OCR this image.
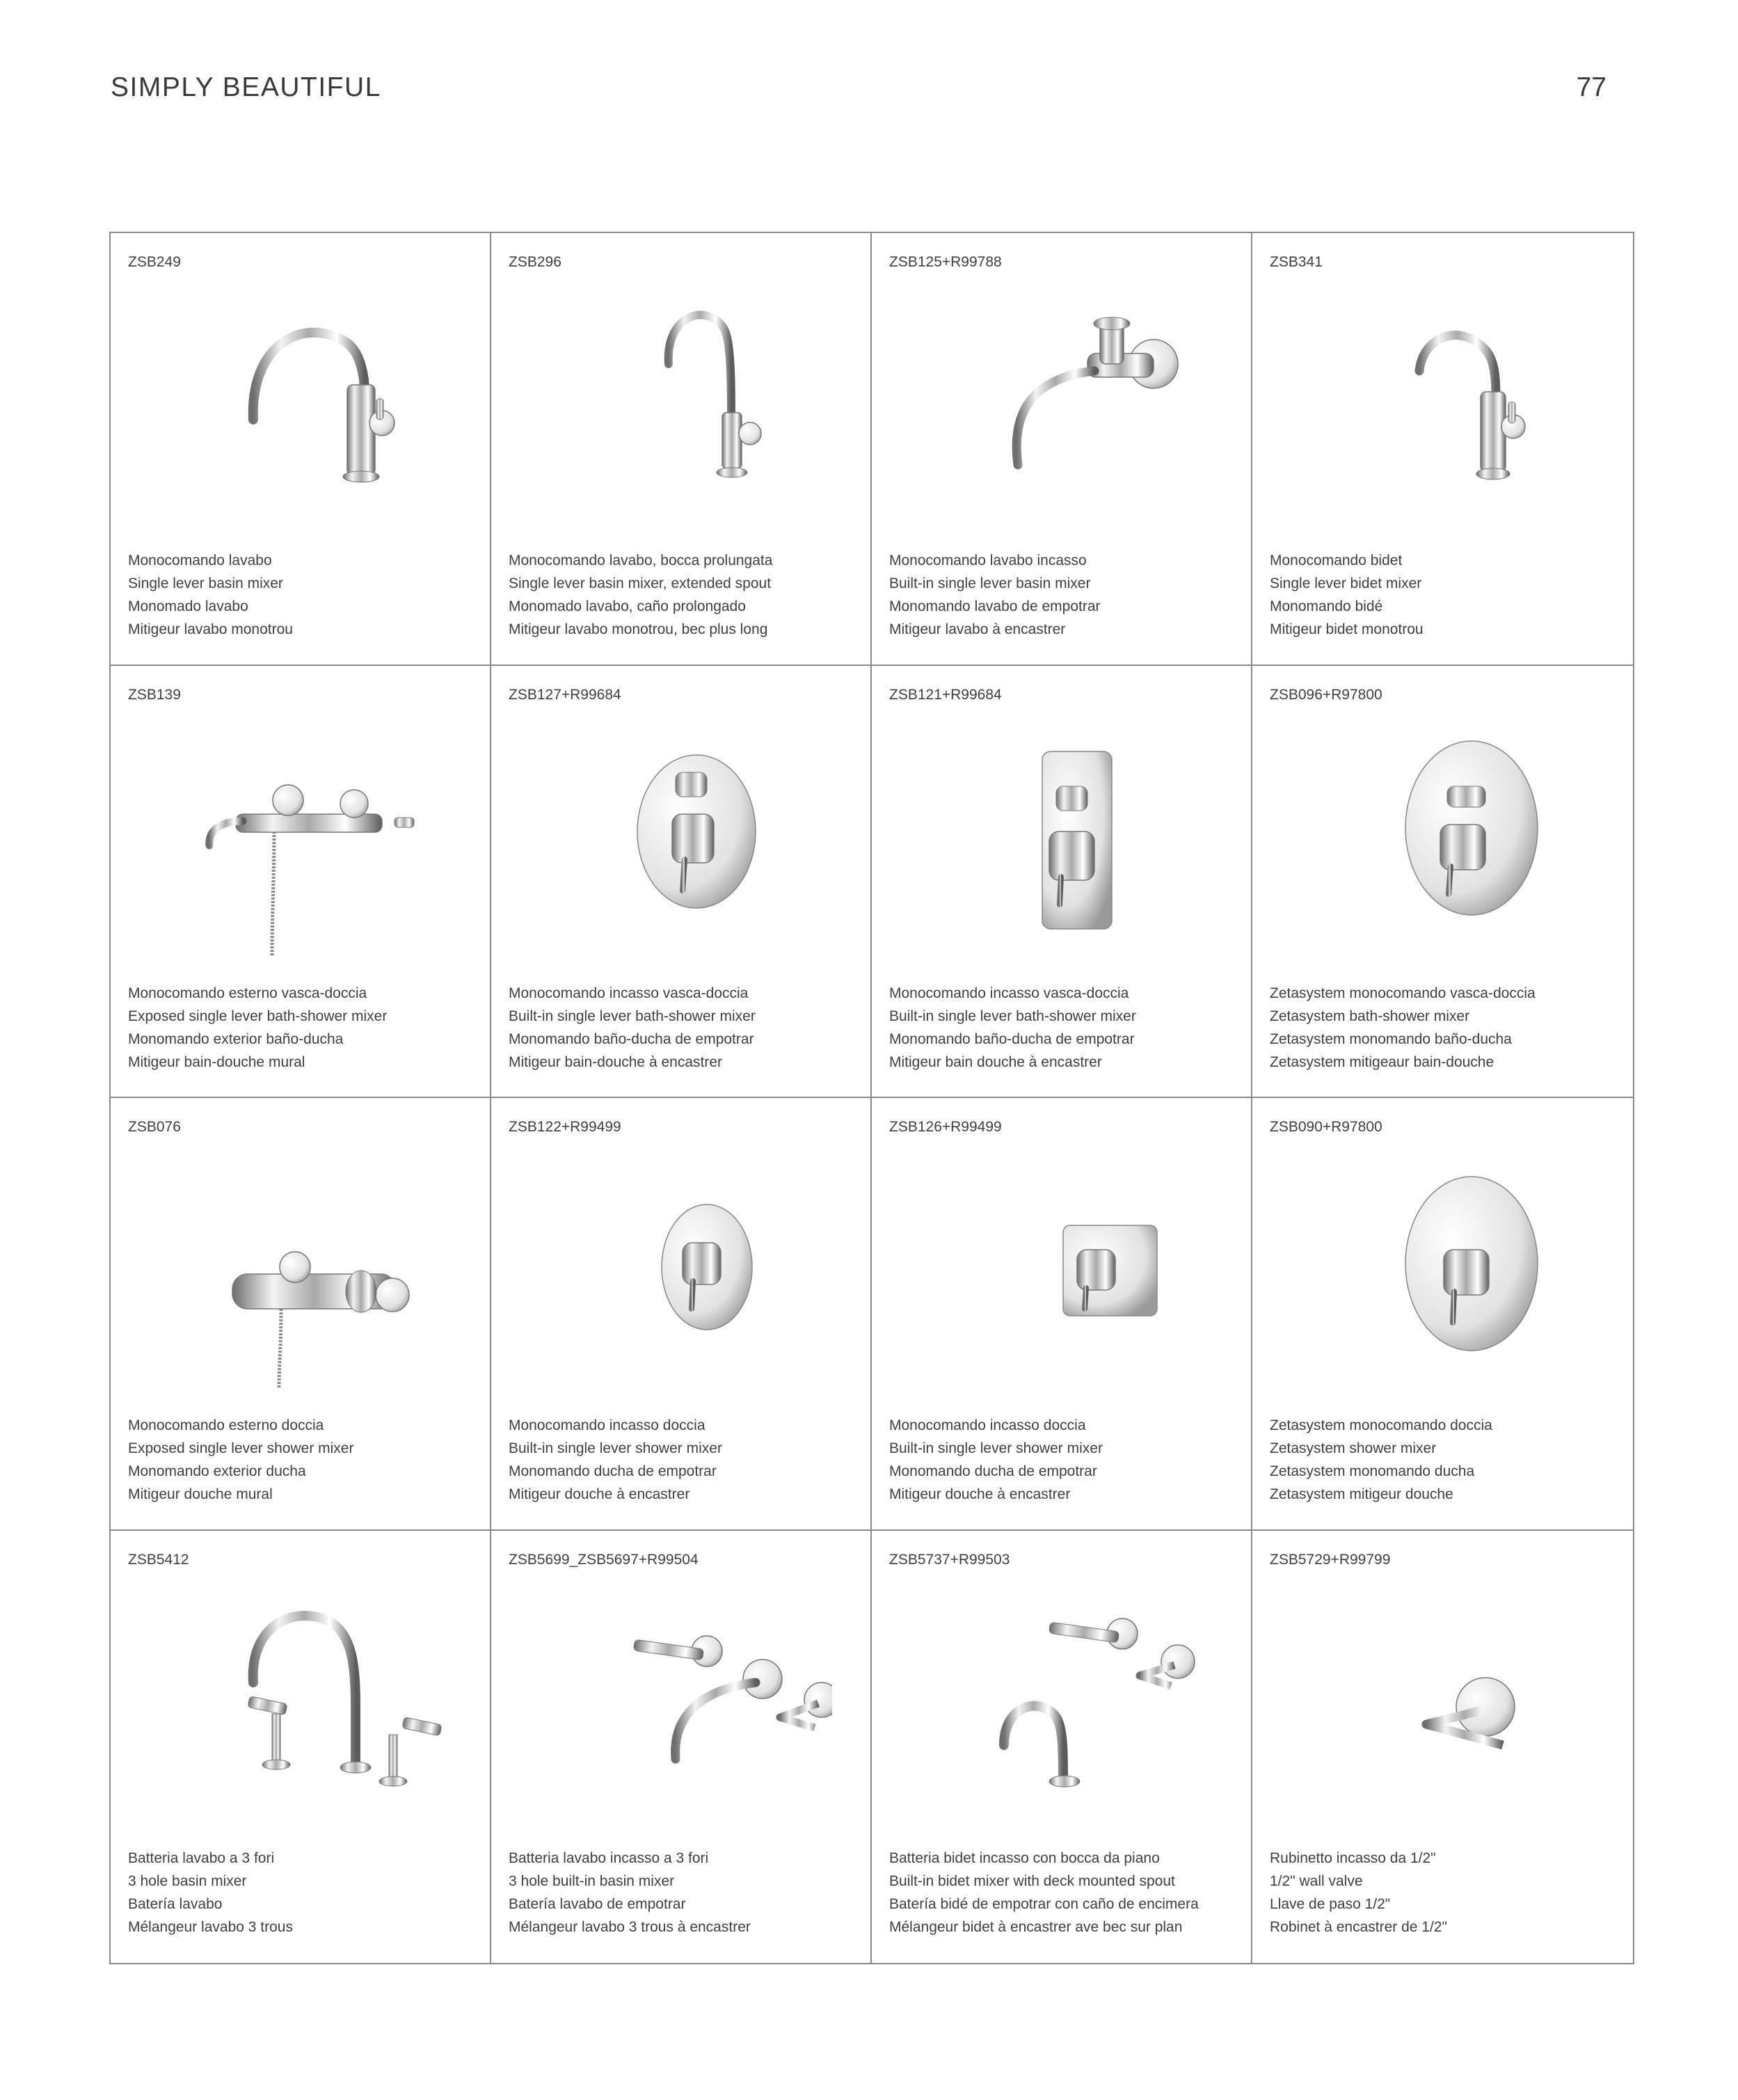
SIMPLY BEAUTIFUL	77
ZSB249
Monocomando lavabo
Single lever basin mixer
Monomado lavabo
Mitigeur lavabo monotrou
ZSB296
Monocomando lavabo, bocca prolungata
Single lever basin mixer, extended spout
Monomado lavabo, caño prolongado
Mitigeur lavabo monotrou, bec plus long
ZSB125+R99788
Monocomando lavabo incasso
Built-in single lever basin mixer
Monomando lavabo de empotrar
Mitigeur lavabo à encastrer
ZSB341
Monocomando bidet
Single lever bidet mixer
Monomando bidé
Mitigeur bidet monotrou
ZSB139
Monocomando esterno vasca-doccia
Exposed single lever bath-shower mixer
Monomando exterior baño-ducha
Mitigeur bain-douche mural
ZSB127+R99684
Monocomando incasso vasca-doccia
Built-in single lever bath-shower mixer
Monomando baño-ducha de empotrar
Mitigeur bain-douche à encastrer
ZSB121+R99684
Monocomando incasso vasca-doccia
Built-in single lever bath-shower mixer
Monomando baño-ducha de empotrar
Mitigeur bain douche à encastrer
ZSB096+R97800
Zetasystem monocomando vasca-doccia
Zetasystem bath-shower mixer
Zetasystem monomando baño-ducha
Zetasystem mitigeaur bain-douche
ZSB076
Monocomando esterno doccia
Exposed single lever shower mixer
Monomando exterior ducha
Mitigeur douche mural
ZSB122+R99499
Monocomando incasso doccia
Built-in single lever shower mixer
Monomando ducha de empotrar
Mitigeur douche à encastrer
ZSB126+R99499
Monocomando incasso doccia
Built-in single lever shower mixer
Monomando ducha de empotrar
Mitigeur douche à encastrer
ZSB090+R97800
Zetasystem monocomando doccia
Zetasystem shower mixer
Zetasystem monomando ducha
Zetasystem mitigeur douche
ZSB5412
Batteria lavabo a 3 fori
3 hole basin mixer
Batería lavabo
Mélangeur lavabo 3 trous
ZSB5699_ZSB5697+R99504
Batteria lavabo incasso a 3 fori
3 hole built-in basin mixer
Batería lavabo de empotrar
Mélangeur lavabo 3 trous à encastrer
ZSB5737+R99503
Batteria bidet incasso con bocca da piano
Built-in bidet mixer with deck mounted spout
Batería bidé de empotrar con caño de encimera
Mélangeur bidet à encastrer ave bec sur plan
ZSB5729+R99799
Rubinetto incasso da 1/2"
1/2" wall valve
Llave de paso 1/2"
Robinet à encastrer de 1/2"
